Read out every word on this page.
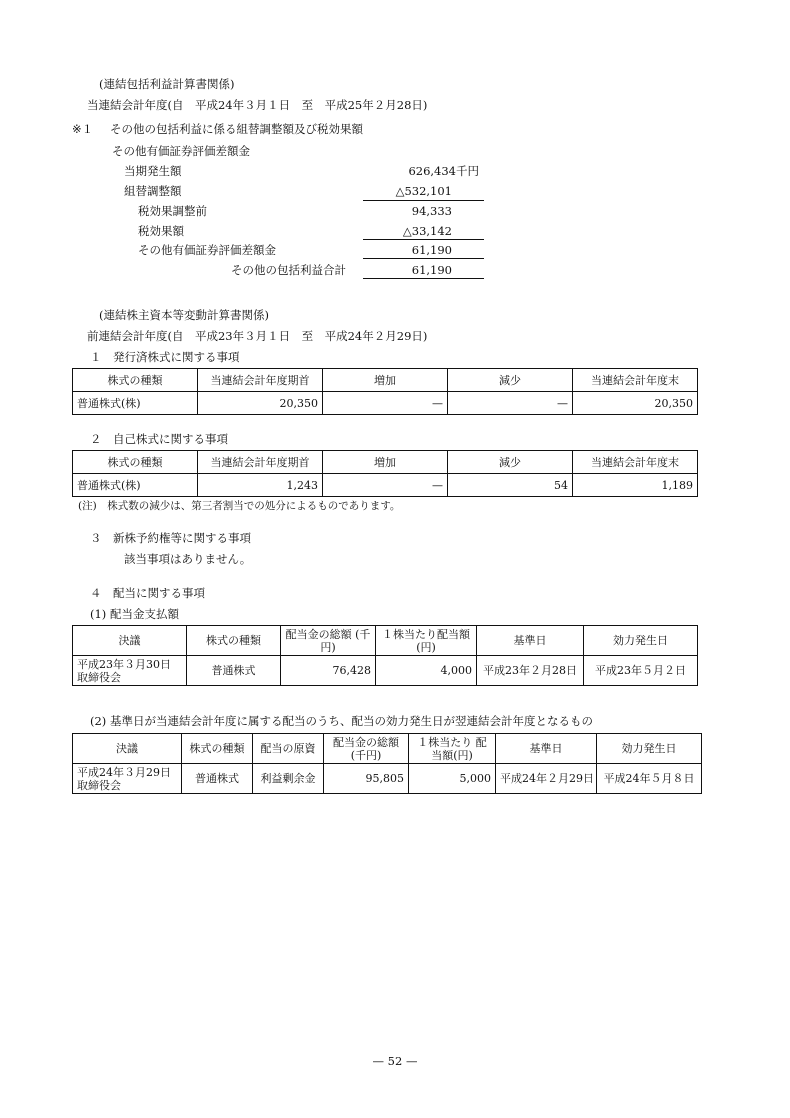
(連結包括利益計算書関係)
当連結会計年度(自　平成24年３月１日　至　平成25年２月28日)
※１ その他の包括利益に係る組替調整額及び税効果額
その他有価証券評価差額金
当期発生額	626,434千円
組替調整額	△532,101
税効果調整前	94,333
税効果額	△33,142
その他有価証券評価差額金	61,190
その他の包括利益合計	61,190
(連結株主資本等変動計算書関係)
前連結会計年度(自　平成23年３月１日　至　平成24年２月29日)
１　発行済株式に関する事項
株式の種類	当連結会計年度期首	増加	減少	当連結会計年度末
普通株式(株)	20,350	—	—	20,350
２　自己株式に関する事項
株式の種類	当連結会計年度期首	増加	減少	当連結会計年度末
普通株式(株)	1,243	—	54	1,189
(注)　株式数の減少は、第三者割当での処分によるものであります。
３　新株予約権等に関する事項
該当事項はありません。
４　配当に関する事項
(1) 配当金支払額
決議	株式の種類	配当金の総額 (千円)	１株当たり配当額 (円)	基準日	効力発生日
平成23年３月30日
取締役会	普通株式	76,428	4,000	平成23年２月28日	平成23年５月２日
(2) 基準日が当連結会計年度に属する配当のうち、配当の効力発生日が翌連結会計年度となるもの
決議	株式の種類	配当の原資	配当金の総額 (千円)	１株当たり 配当額(円)	基準日	効力発生日
平成24年３月29日
取締役会	普通株式	利益剰余金	95,805	5,000	平成24年２月29日	平成24年５月８日
— 52 —
